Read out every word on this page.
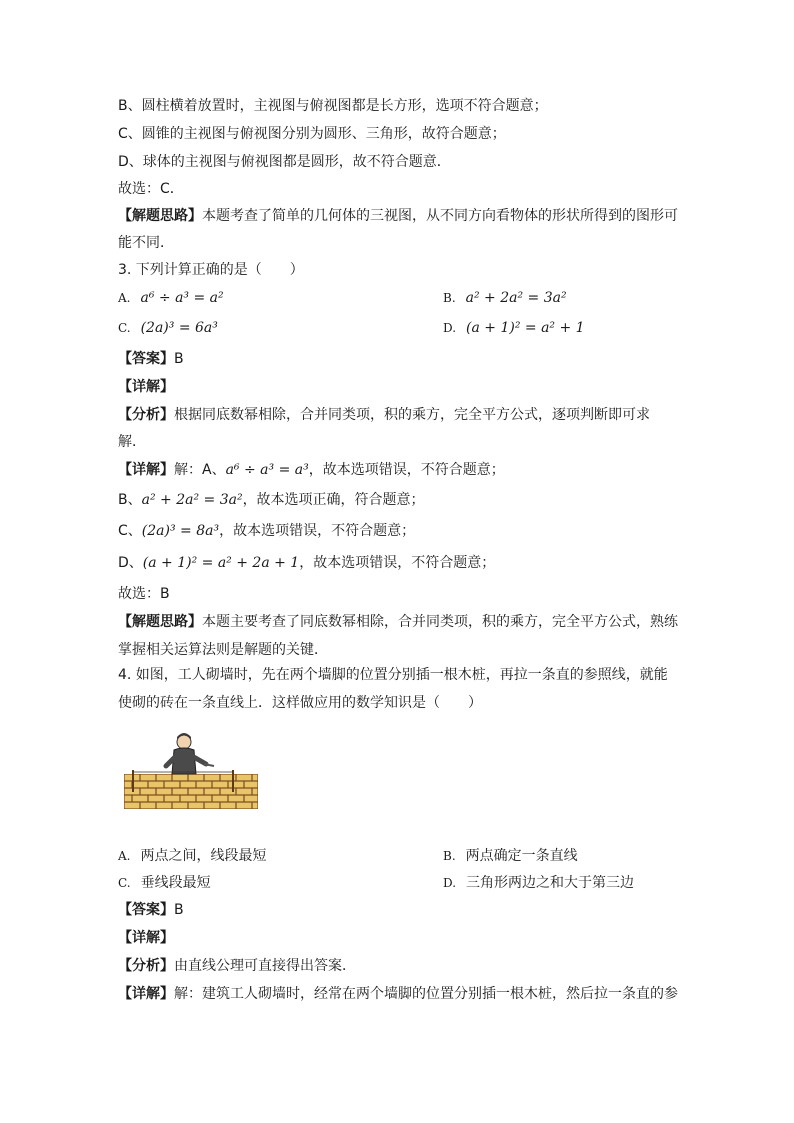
B、圆柱横着放置时，主视图与俯视图都是长方形，选项不符合题意；
C、圆锥的主视图与俯视图分别为圆形、三角形，故符合题意；
D、球体的主视图与俯视图都是圆形，故不符合题意．
故选：C．
【解题思路】本题考查了简单的几何体的三视图，从不同方向看物体的形状所得到的图形可
能不同．
3. 下列计算正确的是（　　）
A. a⁶ ÷ a³ = a²	B. a² + 2a² = 3a²
C. (2a)³ = 6a³	D. (a + 1)² = a² + 1
【答案】B
【详解】
【分析】根据同底数幂相除，合并同类项，积的乘方，完全平方公式，逐项判断即可求
解．
【详解】解：A、a⁶ ÷ a³ = a³，故本选项错误，不符合题意；
B、a² + 2a² = 3a²，故本选项正确，符合题意；
C、(2a)³ = 8a³，故本选项错误，不符合题意；
D、(a + 1)² = a² + 2a + 1，故本选项错误，不符合题意；
故选：B
【解题思路】本题主要考查了同底数幂相除，合并同类项，积的乘方，完全平方公式，熟练
掌握相关运算法则是解题的关键．
4. 如图，工人砌墙时，先在两个墙脚的位置分别插一根木桩，再拉一条直的参照线，就能
使砌的砖在一条直线上．这样做应用的数学知识是（　　）
A. 两点之间，线段最短	B. 两点确定一条直线
C. 垂线段最短	D. 三角形两边之和大于第三边
【答案】B
【详解】
【分析】由直线公理可直接得出答案．
【详解】解：建筑工人砌墙时，经常在两个墙脚的位置分别插一根木桩，然后拉一条直的参
